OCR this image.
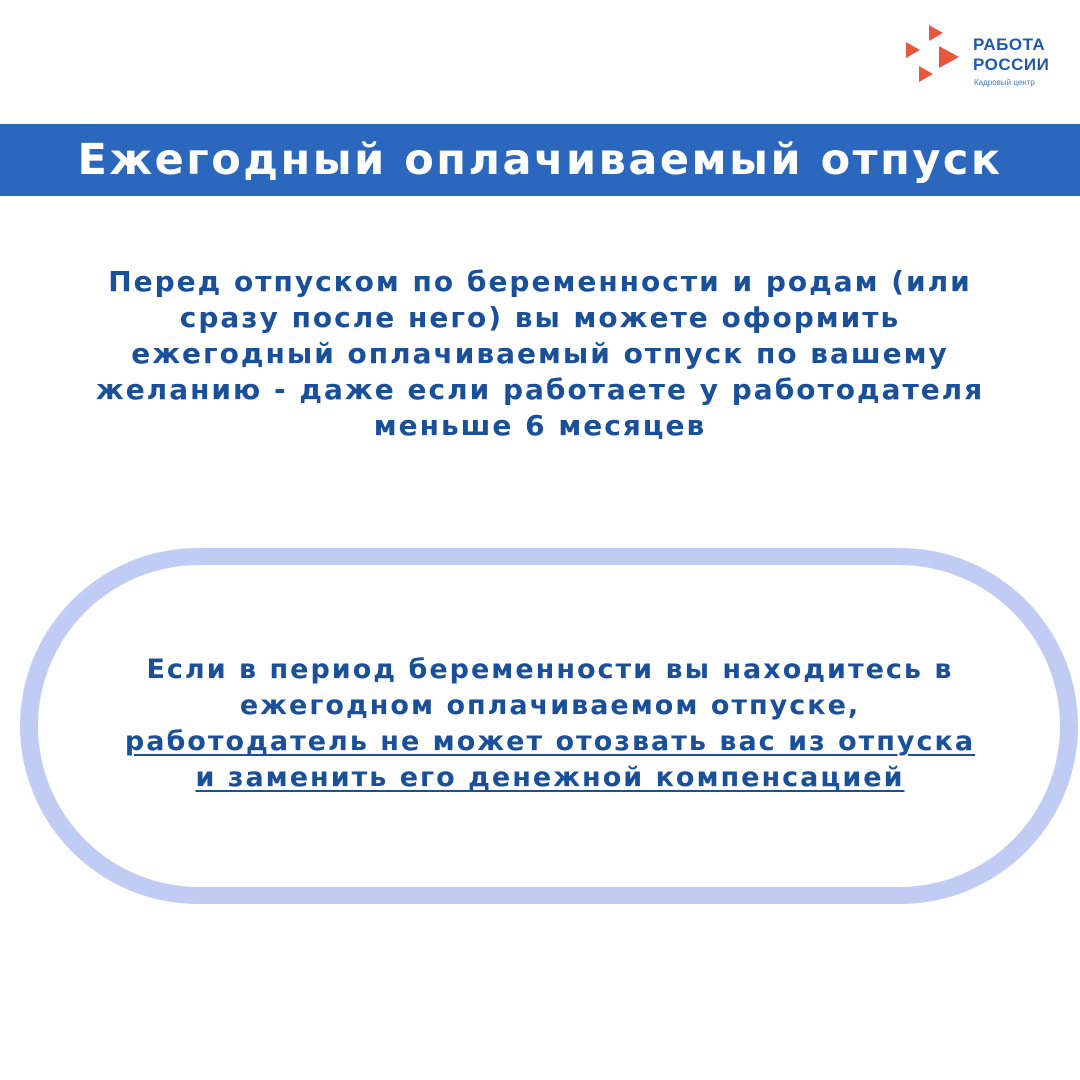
РАБОТА
РОССИИ
Кадровый центр
Ежегодный оплачиваемый отпуск
Перед отпуском по беременности и родам (или
сразу после него) вы можете оформить
ежегодный оплачиваемый отпуск по вашему
желанию - даже если работаете у работодателя
меньше 6 месяцев
Если в период беременности вы находитесь в
ежегодном оплачиваемом отпуске,
работодатель не может отозвать вас из отпуска
и заменить его денежной компенсацией
